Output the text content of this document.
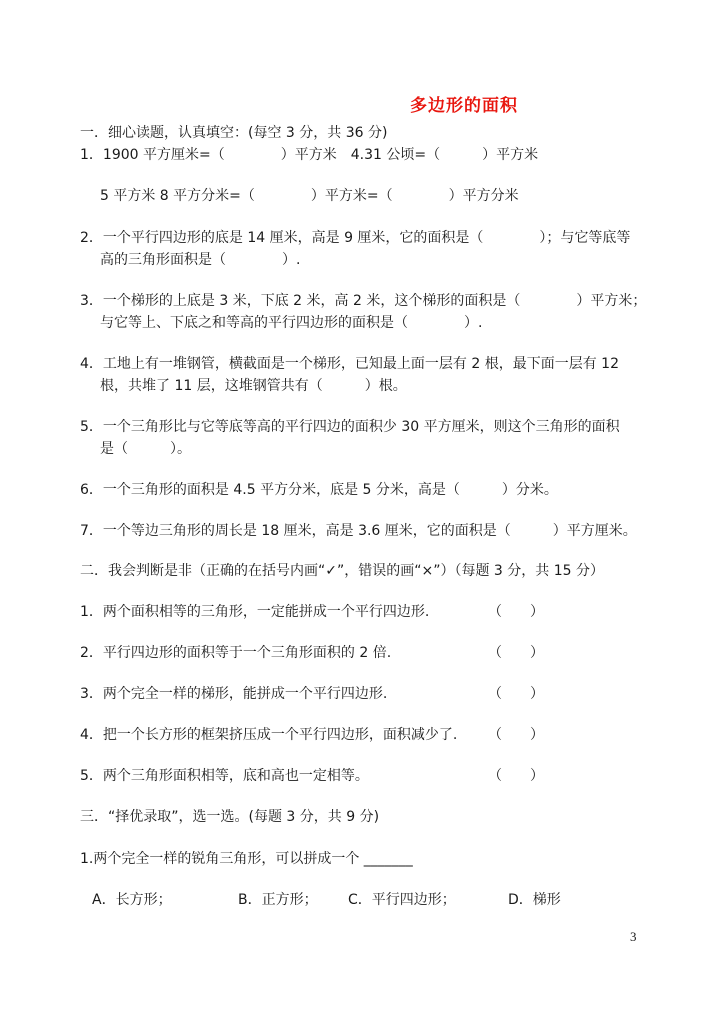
多边形的面积
一．细心读题，认真填空：(每空 3 分，共 36 分)
1．1900 平方厘米=（　　　　）平方米　4.31 公顷=（　　　）平方米
5 平方米 8 平方分米=（　　　　）平方米=（　　　　）平方分米
2．一个平行四边形的底是 14 厘米，高是 9 厘米，它的面积是（　　　　）；与它等底等
高的三角形面积是（　　　　）.
3．一个梯形的上底是 3 米，下底 2 米，高 2 米，这个梯形的面积是（　　　　）平方米；
与它等上、下底之和等高的平行四边形的面积是（　　　　）.
4．工地上有一堆钢管，横截面是一个梯形，已知最上面一层有 2 根，最下面一层有 12
根，共堆了 11 层，这堆钢管共有（　　　）根。
5．一个三角形比与它等底等高的平行四边的面积少 30 平方厘米，则这个三角形的面积
是（　　　）。
6．一个三角形的面积是 4.5 平方分米，底是 5 分米，高是（　　　）分米。
7．一个等边三角形的周长是 18 厘米，高是 3.6 厘米，它的面积是（　　　）平方厘米。
二．我会判断是非（正确的在括号内画“✓”，错误的画“×”）（每题 3 分，共 15 分）
1．两个面积相等的三角形，一定能拼成一个平行四边形.	（　　）
2．平行四边形的面积等于一个三角形面积的 2 倍.	（　　）
3．两个完全一样的梯形，能拼成一个平行四边形.	（　　）
4．把一个长方形的框架挤压成一个平行四边形，面积减少了. （　　）
5．两个三角形面积相等，底和高也一定相等。	（　　）
三．“择优录取”，选一选。(每题 3 分，共 9 分)
1.两个完全一样的锐角三角形，可以拼成一个 _______
A．长方形；	B．正方形； C．平行四边形；	D．梯形
3
